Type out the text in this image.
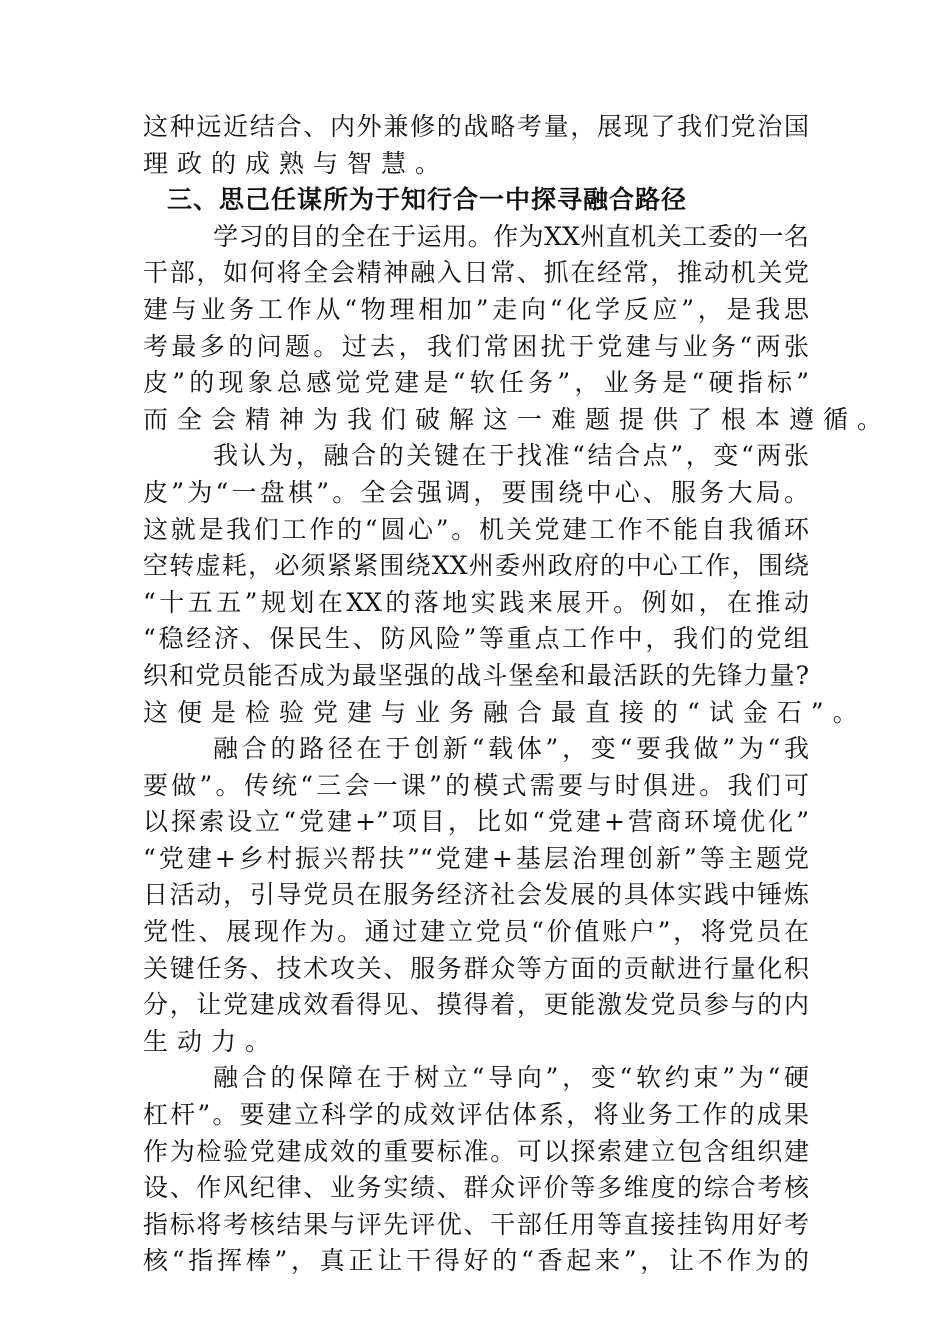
这种远近结合、内外兼修的战略考量，展现了我们党治国
理政的成熟与智慧。
三、思己任谋所为于知行合一中探寻融合路径
学习的目的全在于运用。作为XX州直机关工委的一名
干部，如何将全会精神融入日常、抓在经常，推动机关党
建与业务工作从“物理相加”走向“化学反应”，是我思
考最多的问题。过去，我们常困扰于党建与业务“两张
皮”的现象总感觉党建是“软任务”，业务是“硬指标”
而全会精神为我们破解这一难题提供了根本遵循。
我认为，融合的关键在于找准“结合点”，变“两张
皮”为“一盘棋”。全会强调，要围绕中心、服务大局。
这就是我们工作的“圆心”。机关党建工作不能自我循环
空转虚耗，必须紧紧围绕XX州委州政府的中心工作，围绕
“十五五”规划在XX的落地实践来展开。例如，在推动
“稳经济、保民生、防风险”等重点工作中，我们的党组
织和党员能否成为最坚强的战斗堡垒和最活跃的先锋力量?
这便是检验党建与业务融合最直接的“试金石”。
融合的路径在于创新“载体”，变“要我做”为“我
要做”。传统“三会一课”的模式需要与时俱进。我们可
以探索设立“党建+”项目，比如“党建+营商环境优化”
“党建+乡村振兴帮扶”“党建+基层治理创新”等主题党
日活动，引导党员在服务经济社会发展的具体实践中锤炼
党性、展现作为。通过建立党员“价值账户”，将党员在
关键任务、技术攻关、服务群众等方面的贡献进行量化积
分，让党建成效看得见、摸得着，更能激发党员参与的内
生动力。
融合的保障在于树立“导向”，变“软约束”为“硬
杠杆”。要建立科学的成效评估体系，将业务工作的成果
作为检验党建成效的重要标准。可以探索建立包含组织建
设、作风纪律、业务实绩、群众评价等多维度的综合考核
指标将考核结果与评先评优、干部任用等直接挂钩用好考
核“指挥棒”，真正让干得好的“香起来”，让不作为的
